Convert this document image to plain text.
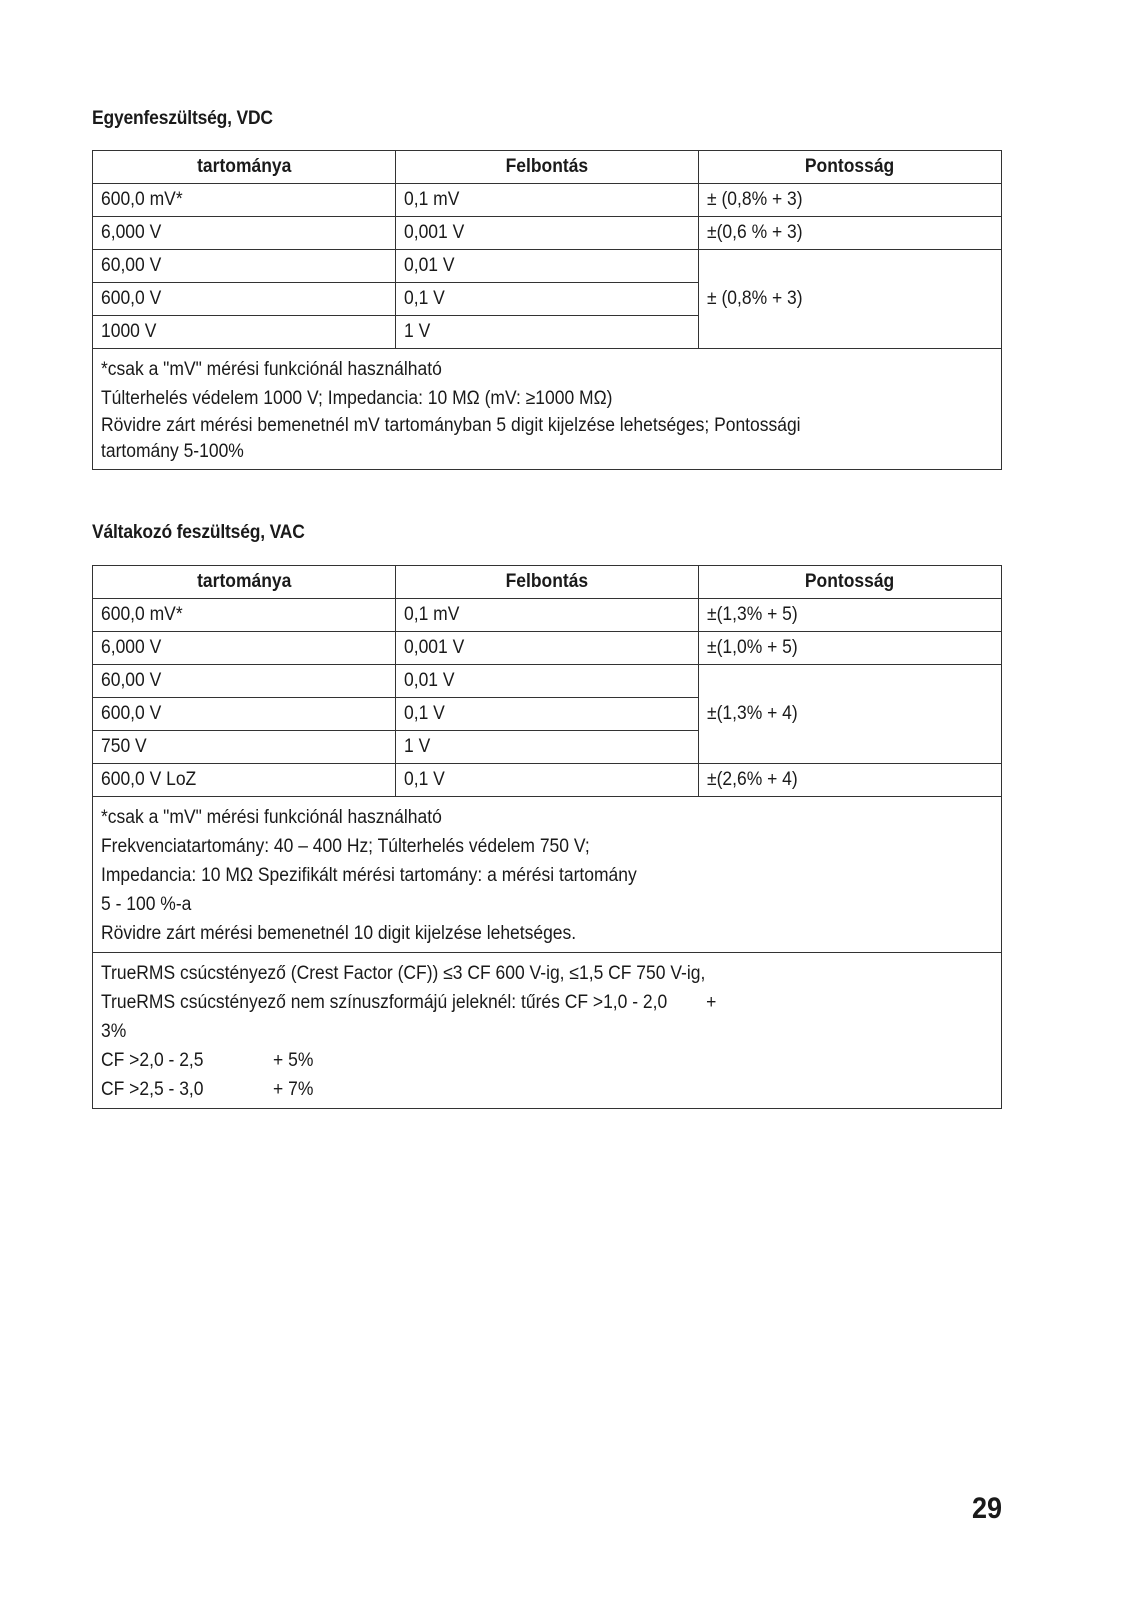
Egyenfeszültség, VDC
tartománya	Felbontás	Pontosság
600,0 mV*	0,1 mV	± (0,8% + 3)
6,000 V	0,001 V	±(0,6 % + 3)
60,00 V	0,01 V	± (0,8% + 3)
600,0 V	0,1 V	
1000 V	1 V	

*csak a "mV" mérési funkciónál használható
Túlterhelés védelem 1000 V; Impedancia: 10 MΩ (mV: ≥1000 MΩ)
Rövidre zárt mérési bemenetnél mV tartományban 5 digit kijelzése lehetséges; Pontossági
tartomány 5-100%		
Váltakozó feszültség, VAC
tartománya	Felbontás	Pontosság
600,0 mV*	0,1 mV	±(1,3% + 5)
6,000 V	0,001 V	±(1,0% + 5)
60,00 V	0,01 V	±(1,3% + 4)
600,0 V	0,1 V	
750 V	1 V	
600,0 V LoZ	0,1 V	±(2,6% + 4)

*csak a "mV" mérési funkciónál használható
Frekvenciatartomány: 40 – 400 Hz; Túlterhelés védelem 750 V;
Impedancia: 10 MΩ Spezifikált mérési tartomány: a mérési tartomány
5 - 100 %-a
Rövidre zárt mérési bemenetnél 10 digit kijelzése lehetséges.		

TrueRMS csúcstényező (Crest Factor (CF)) ≤3 CF 600 V-ig, ≤1,5 CF 750 V-ig,
TrueRMS csúcstényező nem színuszformájú jeleknél: tűrés CF >1,0 - 2,0        +
3%
CF >2,0 - 2,5 + 5%
CF >2,5 - 3,0 + 7%		
29
